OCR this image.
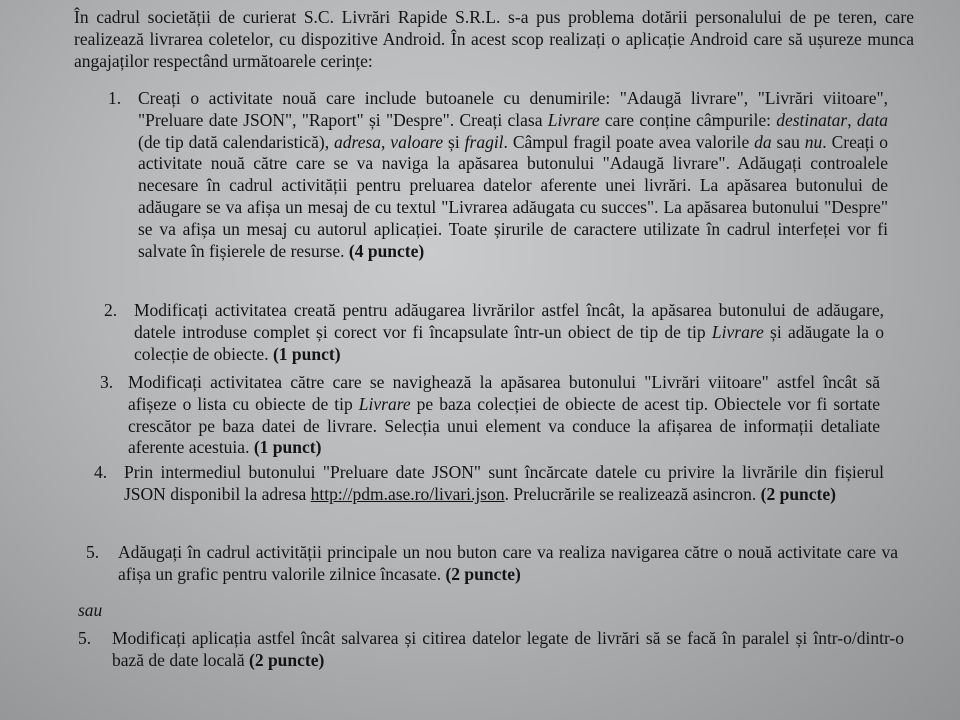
În cadrul societății de curierat S.C. Livrări Rapide S.R.L. s-a pus problema dotării personalului de pe teren, care realizează livrarea coletelor, cu dispozitive Android. În acest scop realizați o aplicație Android care să ușureze munca angajaților respectând următoarele cerințe:
1. Creați o activitate nouă care include butoanele cu denumirile: "Adaugă livrare", "Livrări viitoare", "Preluare date JSON", "Raport" și "Despre". Creați clasa Livrare care conține câmpurile: destinatar, data (de tip dată calendaristică), adresa, valoare și fragil. Câmpul fragil poate avea valorile da sau nu. Creați o activitate nouă către care se va naviga la apăsarea butonului "Adaugă livrare". Adăugați controalele necesare în cadrul activității pentru preluarea datelor aferente unei livrări. La apăsarea butonului de adăugare se va afișa un mesaj de cu textul "Livrarea adăugata cu succes". La apăsarea butonului "Despre" se va afișa un mesaj cu autorul aplicației. Toate șirurile de caractere utilizate în cadrul interfeței vor fi salvate în fișierele de resurse. (4 puncte)
2. Modificați activitatea creată pentru adăugarea livrărilor astfel încât, la apăsarea butonului de adăugare, datele introduse complet și corect vor fi încapsulate într-un obiect de tip de tip Livrare și adăugate la o colecție de obiecte. (1 punct)
3. Modificați activitatea către care se navighează la apăsarea butonului "Livrări viitoare" astfel încât să afișeze o lista cu obiecte de tip Livrare pe baza colecției de obiecte de acest tip. Obiectele vor fi sortate crescător pe baza datei de livrare. Selecția unui element va conduce la afișarea de informații detaliate aferente acestuia. (1 punct)
4. Prin intermediul butonului "Preluare date JSON" sunt încărcate datele cu privire la livrările din fișierul JSON disponibil la adresa http://pdm.ase.ro/livari.json. Prelucrările se realizează asincron. (2 puncte)
5. Adăugați în cadrul activității principale un nou buton care va realiza navigarea către o nouă activitate care va afișa un grafic pentru valorile zilnice încasate. (2 puncte)
sau
5. Modificați aplicația astfel încât salvarea și citirea datelor legate de livrări să se facă în paralel și într-o/dintr-o bază de date locală (2 puncte)
